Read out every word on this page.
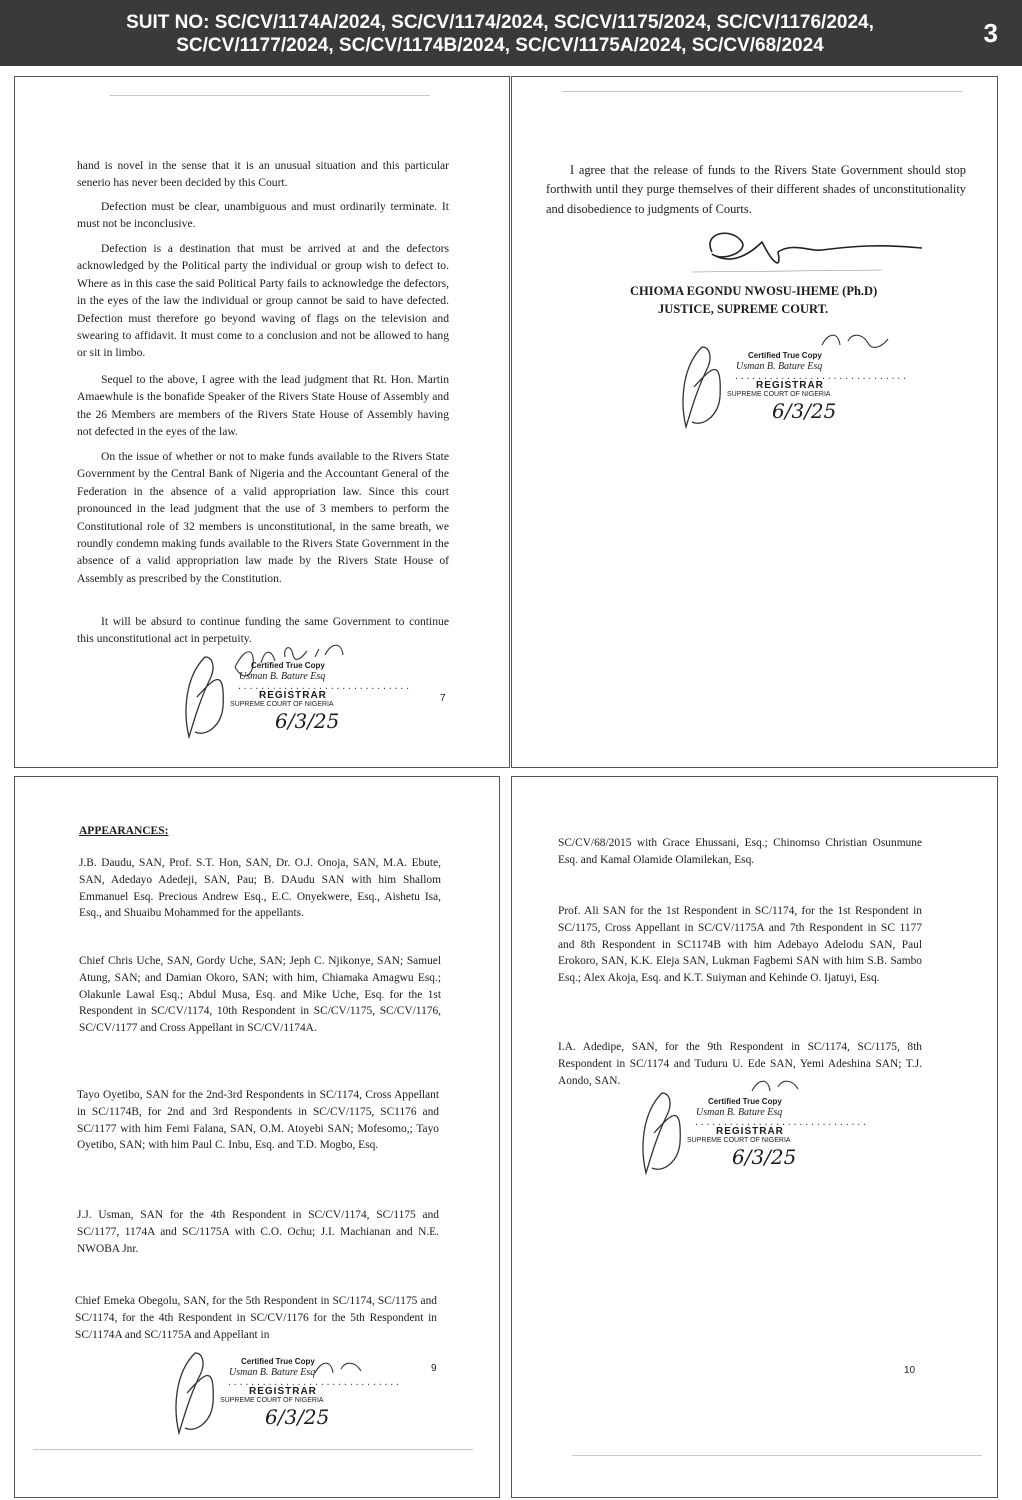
SUIT NO: SC/CV/1174A/2024, SC/CV/1174/2024, SC/CV/1175/2024, SC/CV/1176/2024,
SC/CV/1177/2024, SC/CV/1174B/2024, SC/CV/1175A/2024, SC/CV/68/2024	3

hand is novel in the sense that it is an unusual situation and this particular senerio has never been decided by this Court.

Defection must be clear, unambiguous and must ordinarily terminate. It must not be inconclusive.

Defection is a destination that must be arrived at and the defectors acknowledged by the Political party the individual or group wish to defect to. Where as in this case the said Political Party fails to acknowledge the defectors, in the eyes of the law the individual or group cannot be said to have defected. Defection must therefore go beyond waving of flags on the television and swearing to affidavit. It must come to a conclusion and not be allowed to hang or sit in limbo.

Sequel to the above, I agree with the lead judgment that Rt. Hon. Martin Amaewhule is the bonafide Speaker of the Rivers State House of Assembly and the 26 Members are members of the Rivers State House of Assembly having not defected in the eyes of the law.

On the issue of whether or not to make funds available to the Rivers State Government by the Central Bank of Nigeria and the Accountant General of the Federation in the absence of a valid appropriation law. Since this court pronounced in the lead judgment that the use of 3 members to perform the Constitutional role of 32 members is unconstitutional, in the same breath, we roundly condemn making funds available to the Rivers State Government in the absence of a valid appropriation law made by the Rivers State House of Assembly as prescribed by the Constitution.

It will be absurd to continue funding the same Government to continue this unconstitutional act in perpetuity.

Certified True Copy
Usman B. Bature Esq
..............................
REGISTRAR
SUPREME COURT OF NIGERIA
6/3/25
7

I agree that the release of funds to the Rivers State Government should stop forthwith until they purge themselves of their different shades of unconstitutionality and disobedience to judgments of Courts.

CHIOMA EGONDU NWOSU-IHEME (Ph.D)
JUSTICE, SUPREME COURT.
Certified True Copy
Usman B. Bature Esq
..............................
REGISTRAR
SUPREME COURT OF NIGERIA
6/3/25
APPEARANCES:

J.B. Daudu, SAN, Prof. S.T. Hon, SAN, Dr. O.J. Onoja, SAN, M.A. Ebute, SAN, Adedayo Adedeji, SAN, Pau; B. DAudu SAN with him Shallom Emmanuel Esq. Precious Andrew Esq., E.C. Onyekwere, Esq., Aishetu Isa, Esq., and Shuaibu Mohammed for the appellants.

Chief Chris Uche, SAN, Gordy Uche, SAN; Jeph C. Njikonye, SAN; Samuel Atung, SAN; and Damian Okoro, SAN; with him, Chiamaka Amagwu Esq.; Olakunle Lawal Esq.; Abdul Musa, Esq. and Mike Uche, Esq. for the 1st Respondent in SC/CV/1174, 10th Respondent in SC/CV/1175, SC/CV/1176, SC/CV/1177 and Cross Appellant in SC/CV/1174A.

Tayo Oyetibo, SAN for the 2nd-3rd Respondents in SC/1174, Cross Appellant in SC/1174B, for 2nd and 3rd Respondents in SC/CV/1175, SC1176 and SC/1177 with him Femi Falana, SAN, O.M. Atoyebi SAN; Mofesomo,; Tayo Oyetibo, SAN; with him Paul C. Inbu, Esq. and T.D. Mogbo, Esq.

J.J. Usman, SAN for the 4th Respondent in SC/CV/1174, SC/1175 and SC/1177, 1174A and SC/1175A with C.O. Ochu; J.I. Machianan and N.E. NWOBA Jnr.

Chief Emeka Obegolu, SAN, for the 5th Respondent in SC/1174, SC/1175 and SC/1174, for the 4th Respondent in SC/CV/1176 for the 5th Respondent in SC/1174A and SC/1175A and Appellant in

Certified True Copy
Usman B. Bature Esq
..............................
REGISTRAR
SUPREME COURT OF NIGERIA
6/3/25
9

SC/CV/68/2015 with Grace Ehussani, Esq.; Chinomso Christian Osunmune Esq. and Kamal Olamide Olamilekan, Esq.

Prof. Ali SAN for the 1st Respondent in SC/1174, for the 1st Respondent in SC/1175, Cross Appellant in SC/CV/1175A and 7th Respondent in SC 1177 and 8th Respondent in SC1174B with him Adebayo Adelodu SAN, Paul Erokoro, SAN, K.K. Eleja SAN, Lukman Fagbemi SAN with him S.B. Sambo Esq.; Alex Akoja, Esq. and K.T. Suiyman and Kehinde O. Ijatuyi, Esq.

I.A. Adedipe, SAN, for the 9th Respondent in SC/1174, SC/1175, 8th Respondent in SC/1174 and Tuduru U. Ede SAN, Yemi Adeshina SAN; T.J. Aondo, SAN.

Certified True Copy
Usman B. Bature Esq
..............................
REGISTRAR
SUPREME COURT OF NIGERIA
6/3/25
10
